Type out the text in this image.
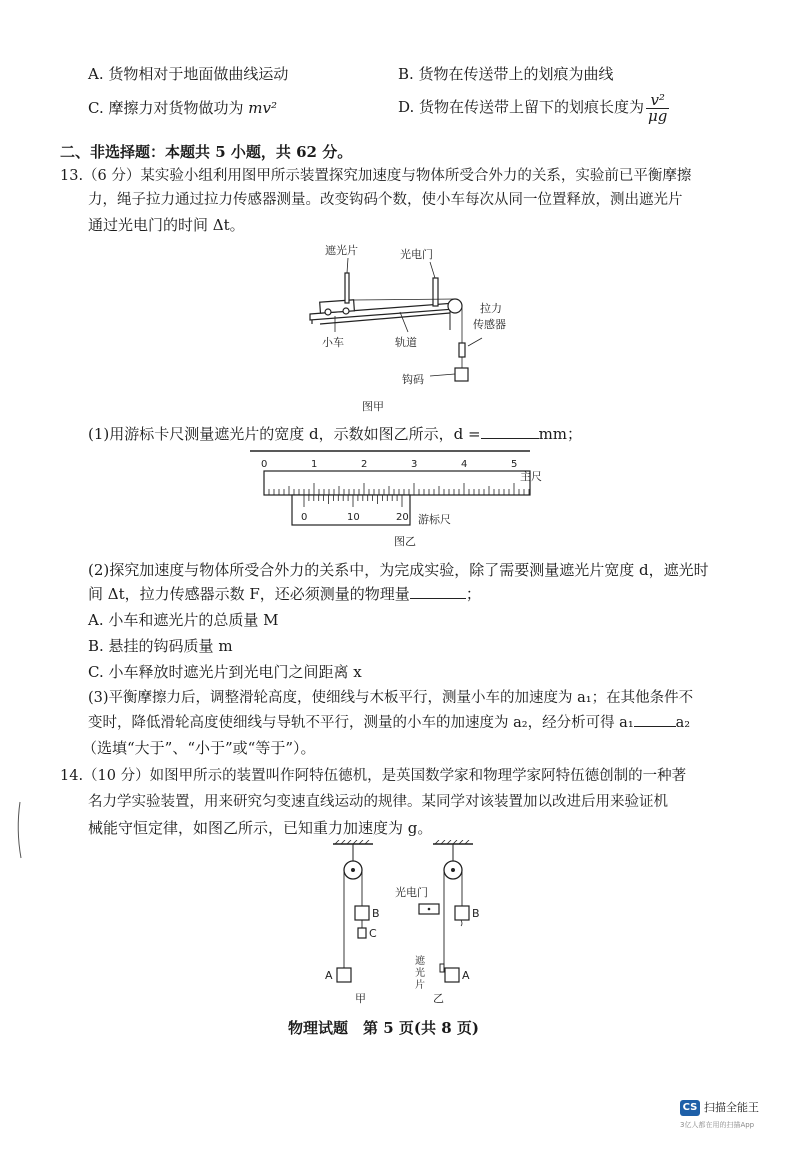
A. 货物相对于地面做曲线运动	B. 货物在传送带上的划痕为曲线
C. 摩擦力对货物做功为 mv²	D. 货物在传送带上留下的划痕长度为 $\frac{\text{v²}}{\mu g}$
二、非选择题：本题共 5 小题，共 62 分。
13.（6 分）某实验小组利用图甲所示装置探究加速度与物体所受合外力的关系，实验前已平衡摩擦
力，绳子拉力通过拉力传感器测量。改变钩码个数，使小车每次从同一位置释放，测出遮光片
通过光电门的时间 Δt。
遮光片	光电门
拉力
传感器
小车	轨道
钩码
图甲
(1)用游标卡尺测量遮光片的宽度 d，示数如图乙所示，d =	mm；
0	1	2	3	4	5
主尺
0	10	20 游标尺
图乙
(2)探究加速度与物体所受合外力的关系中，为完成实验，除了需要测量遮光片宽度 d，遮光时
间 Δt，拉力传感器示数 F，还必须测量的物理量	；
A. 小车和遮光片的总质量 M
B. 悬挂的钩码质量 m
C. 小车释放时遮光片到光电门之间距离 x
(3)平衡摩擦力后，调整滑轮高度，使细线与木板平行，测量小车的加速度为 a₁；在其他条件不
变时，降低滑轮高度使细线与导轨不平行，测量的小车的加速度为 a₂，经分析可得 a₁	a₂
（选填“大于”、“小于”或“等于”）。
14.（10 分）如图甲所示的装置叫作阿特伍德机，是英国数学家和物理学家阿特伍德创制的一种著
名力学实验装置，用来研究匀变速直线运动的规律。某同学对该装置加以改进后用来验证机
械能守恒定律，如图乙所示，已知重力加速度为 g。
B
C
A
甲
光电门
B
A
遮
光
片
乙
物理试题　第 5 页(共 8 页)
CS 扫描全能王
3亿人都在用的扫描App
